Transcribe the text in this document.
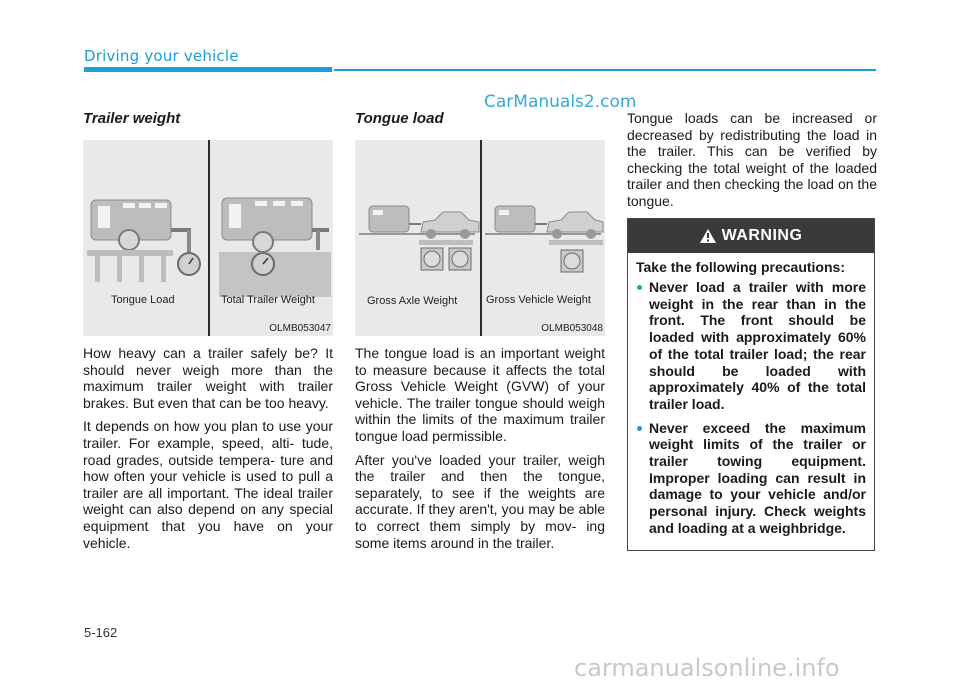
Driving your vehicle
CarManuals2.com
Trailer weight
Tongue Load	Total Trailer Weight
OLMB053047

How heavy can a trailer safely be? It should never weigh more than the maximum trailer weight with trailer brakes. But even that can be too heavy.

It depends on how you plan to use your trailer. For example, speed, alti- tude, road grades, outside tempera- ture and how often your vehicle is used to pull a trailer are all important. The ideal trailer weight can also depend on any special equipment that you have on your vehicle.

Tongue load
Gross Axle Weight	Gross Vehicle Weight
OLMB053048

The tongue load is an important weight to measure because it affects the total Gross Vehicle Weight (GVW) of your vehicle. The trailer tongue should weigh within the limits of the maximum trailer tongue load permissible.

After you've loaded your trailer, weigh the trailer and then the tongue, separately, to see if the weights are accurate. If they aren't, you may be able to correct them simply by mov- ing some items around in the trailer.

Tongue loads can be increased or decreased by redistributing the load in the trailer. This can be verified by checking the total weight of the loaded trailer and then checking the load on the tongue.

WARNING
Take the following precautions:
Never load a trailer with more weight in the rear than in the front. The front should be loaded with approximately 60% of the total trailer load; the rear should be loaded with approximately 40% of the total trailer load.
Never exceed the maximum weight limits of the trailer or trailer towing equipment. Improper loading can result in damage to your vehicle and/or personal injury. Check weights and loading at a weighbridge.
5-162
carmanualsonline.info
